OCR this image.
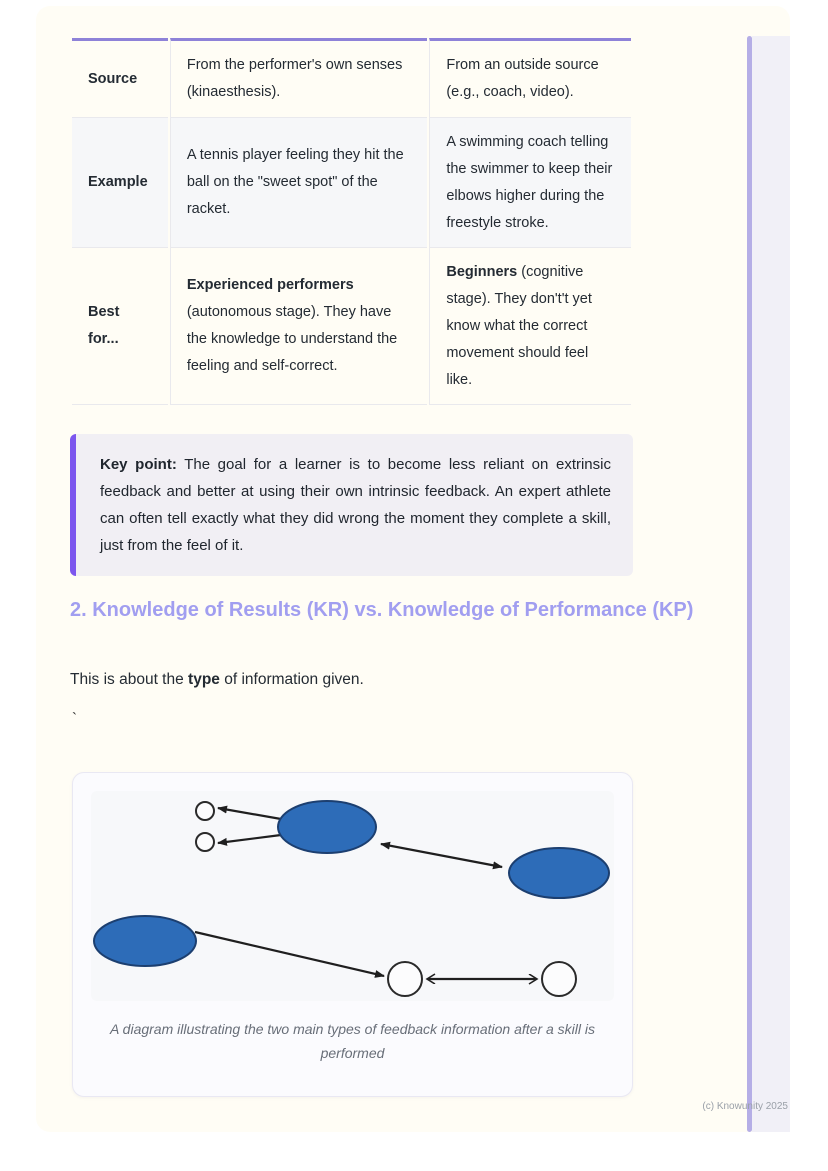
Source	From the performer's own senses (kinaesthesis).	From an outside source (e.g., coach, video).
Example	A tennis player feeling they hit the ball on the "sweet spot" of the racket.	A swimming coach telling the swimmer to keep their elbows higher during the freestyle stroke.
Best for...	Experienced performers (autonomous stage). They have the knowledge to understand the feeling and self-correct.	Beginners (cognitive stage). They don't't yet know what the correct movement should feel like.

Key point: The goal for a learner is to become less reliant on extrinsic feedback and better at using their own intrinsic feedback. An expert athlete can often tell exactly what they did wrong the moment they complete a skill, just from the feel of it.

2. Knowledge of Results (KR) vs. Knowledge of Performance (KP)

This is about the type of information given.

`

A diagram illustrating the two main types of feedback information after a skill is performed

(c) Knowunity 2025
